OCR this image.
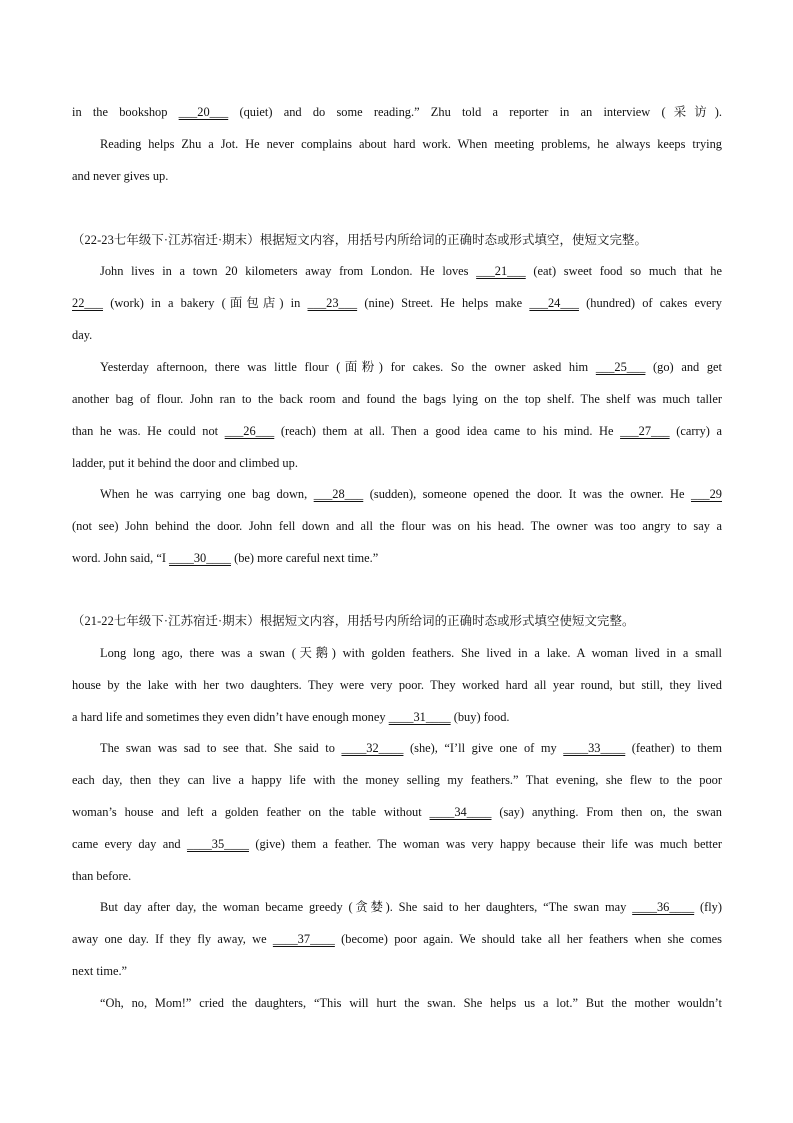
in the bookshop ___20___ (quiet) and do some reading.” Zhu told a reporter in an interview (采访).
Reading helps Zhu a Jot. He never complains about hard work. When meeting problems, he always keeps trying
and never gives up.
（22-23七年级下·江苏宿迁·期末）根据短文内容，用括号内所给词的正确时态或形式填空，使短文完整。
John lives in a town 20 kilometers away from London. He loves ___21___ (eat) sweet food so much that he
22___ (work) in a bakery (面包店) in ___23___ (nine) Street. He helps make ___24___ (hundred) of cakes every
day.
Yesterday afternoon, there was little flour (面粉) for cakes. So the owner asked him ___25___ (go) and get
another bag of flour. John ran to the back room and found the bags lying on the top shelf. The shelf was much taller
than he was. He could not ___26___ (reach) them at all. Then a good idea came to his mind. He ___27___ (carry) a
ladder, put it behind the door and climbed up.
When he was carrying one bag down, ___28___ (sudden), someone opened the door. It was the owner. He ___29
(not see) John behind the door. John fell down and all the flour was on his head. The owner was too angry to say a
word. John said, “I ____30____ (be) more careful next time.”
（21-22七年级下·江苏宿迁·期末）根据短文内容，用括号内所给词的正确时态或形式填空使短文完整。
Long long ago, there was a swan (天鹅) with golden feathers. She lived in a lake. A woman lived in a small
house by the lake with her two daughters. They were very poor. They worked hard all year round, but still, they lived
a hard life and sometimes they even didn’t have enough money ____31____ (buy) food.
The swan was sad to see that. She said to ____32____ (she), “I’ll give one of my ____33____ (feather) to them
each day, then they can live a happy life with the money selling my feathers.” That evening, she flew to the poor
woman’s house and left a golden feather on the table without ____34____ (say) anything. From then on, the swan
came every day and ____35____ (give) them a feather. The woman was very happy because their life was much better
than before.
But day after day, the woman became greedy (贪婪). She said to her daughters, “The swan may ____36____ (fly)
away one day. If they fly away, we ____37____ (become) poor again. We should take all her feathers when she comes
next time.”
“Oh, no, Mom!” cried the daughters, “This will hurt the swan. She helps us a lot.” But the mother wouldn’t
